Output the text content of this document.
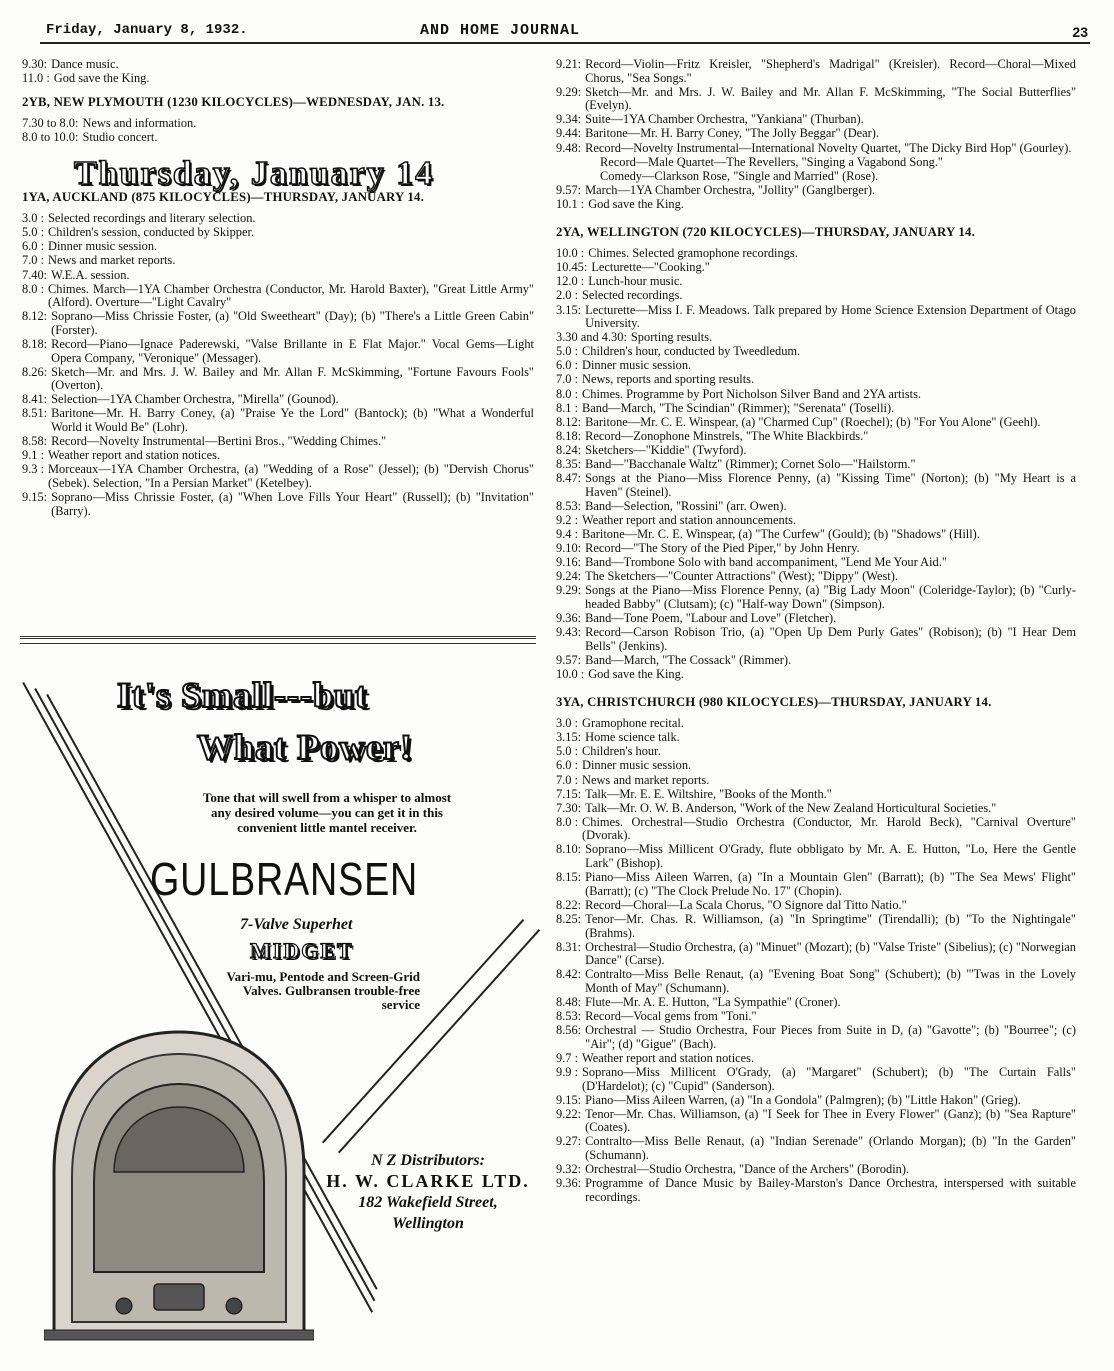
Friday, January 8, 1932.	AND HOME JOURNAL	23
9.30: Dance music.
11.0 : God save the King.
2YB, NEW PLYMOUTH (1230 KILOCYCLES)—WEDNESDAY, JAN. 13.
7.30 to 8.0: News and information.
8.0 to 10.0: Studio concert.
Thursday, January 14
1YA, AUCKLAND (875 KILOCYCLES)—THURSDAY, JANUARY 14.
3.0 : Selected recordings and literary selection.
5.0 : Children's session, conducted by Skipper.
6.0 : Dinner music session.
7.0 : News and market reports.
7.40: W.E.A. session.
8.0 : Chimes. March—1YA Chamber Orchestra (Conductor, Mr. Harold Baxter), "Great Little Army" (Alford). Overture—"Light Cavalry"
8.12: Soprano—Miss Chrissie Foster, (a) "Old Sweetheart" (Day); (b) "There's a Little Green Cabin" (Forster).
8.18: Record—Piano—Ignace Paderewski, "Valse Brillante in E Flat Major." Vocal Gems—Light Opera Company, "Veronique" (Messager).
8.26: Sketch—Mr. and Mrs. J. W. Bailey and Mr. Allan F. McSkimming, "Fortune Favours Fools" (Overton).
8.41: Selection—1YA Chamber Orchestra, "Mirella" (Gounod).
8.51: Baritone—Mr. H. Barry Coney, (a) "Praise Ye the Lord" (Bantock); (b) "What a Wonderful World it Would Be" (Lohr).
8.58: Record—Novelty Instrumental—Bertini Bros., "Wedding Chimes."
9.1 : Weather report and station notices.
9.3 : Morceaux—1YA Chamber Orchestra, (a) "Wedding of a Rose" (Jessel); (b) "Dervish Chorus" (Sebek). Selection, "In a Persian Market" (Ketelbey).
9.15: Soprano—Miss Chrissie Foster, (a) "When Love Fills Your Heart" (Russell); (b) "Invitation" (Barry).
It's Small---but
What Power!
Tone that will swell from a whisper to almost any desired volume—you can get it in this convenient little mantel receiver.
GULBRANSEN
7-Valve Superhet
MIDGET
Vari-mu, Pentode and Screen-Grid Valves. Gulbransen trouble-free service
N Z Distributors:
H. W. CLARKE LTD.
182 Wakefield Street,
Wellington
9.21: Record—Violin—Fritz Kreisler, "Shepherd's Madrigal" (Kreisler). Record—Choral—Mixed Chorus, "Sea Songs."
9.29: Sketch—Mr. and Mrs. J. W. Bailey and Mr. Allan F. McSkimming, "The Social Butterflies" (Evelyn).
9.34: Suite—1YA Chamber Orchestra, "Yankiana" (Thurban).
9.44: Baritone—Mr. H. Barry Coney, "The Jolly Beggar" (Dear).
9.48: Record—Novelty Instrumental—International Novelty Quartet, "The Dicky Bird Hop" (Gourley).
Record—Male Quartet—The Revellers, "Singing a Vagabond Song."
Comedy—Clarkson Rose, "Single and Married" (Rose).
9.57: March—1YA Chamber Orchestra, "Jollity" (Ganglberger).
10.1 : God save the King.
2YA, WELLINGTON (720 KILOCYCLES)—THURSDAY, JANUARY 14.
10.0 : Chimes. Selected gramophone recordings.
10.45: Lecturette—"Cooking."
12.0 : Lunch-hour music.
2.0 : Selected recordings.
3.15: Lecturette—Miss I. F. Meadows. Talk prepared by Home Science Extension Department of Otago University.
3.30 and 4.30: Sporting results.
5.0 : Children's hour, conducted by Tweedledum.
6.0 : Dinner music session.
7.0 : News, reports and sporting results.
8.0 : Chimes. Programme by Port Nicholson Silver Band and 2YA artists.
8.1 : Band—March, "The Scindian" (Rimmer); "Serenata" (Toselli).
8.12: Baritone—Mr. C. E. Winspear, (a) "Charmed Cup" (Roechel); (b) "For You Alone" (Geehl).
8.18: Record—Zonophone Minstrels, "The White Blackbirds."
8.24: Sketchers—"Kiddie" (Twyford).
8.35: Band—"Bacchanale Waltz" (Rimmer); Cornet Solo—"Hailstorm."
8.47: Songs at the Piano—Miss Florence Penny, (a) "Kissing Time" (Norton); (b) "My Heart is a Haven" (Steinel).
8.53: Band—Selection, "Rossini" (arr. Owen).
9.2 : Weather report and station announcements.
9.4 : Baritone—Mr. C. E. Winspear, (a) "The Curfew" (Gould); (b) "Shadows" (Hill).
9.10: Record—"The Story of the Pied Piper," by John Henry.
9.16: Band—Trombone Solo with band accompaniment, "Lend Me Your Aid."
9.24: The Sketchers—"Counter Attractions" (West); "Dippy" (West).
9.29: Songs at the Piano—Miss Florence Penny, (a) "Big Lady Moon" (Coleridge-Taylor); (b) "Curly-headed Babby" (Clutsam); (c) "Half-way Down" (Simpson).
9.36: Band—Tone Poem, "Labour and Love" (Fletcher).
9.43: Record—Carson Robison Trio, (a) "Open Up Dem Purly Gates" (Robison); (b) "I Hear Dem Bells" (Jenkins).
9.57: Band—March, "The Cossack" (Rimmer).
10.0 : God save the King.
3YA, CHRISTCHURCH (980 KILOCYCLES)—THURSDAY, JANUARY 14.
3.0 : Gramophone recital.
3.15: Home science talk.
5.0 : Children's hour.
6.0 : Dinner music session.
7.0 : News and market reports.
7.15: Talk—Mr. E. E. Wiltshire, "Books of the Month."
7.30: Talk—Mr. O. W. B. Anderson, "Work of the New Zealand Horticultural Societies."
8.0 : Chimes. Orchestral—Studio Orchestra (Conductor, Mr. Harold Beck), "Carnival Overture" (Dvorak).
8.10: Soprano—Miss Millicent O'Grady, flute obbligato by Mr. A. E. Hutton, "Lo, Here the Gentle Lark" (Bishop).
8.15: Piano—Miss Aileen Warren, (a) "In a Mountain Glen" (Barratt); (b) "The Sea Mews' Flight" (Barratt); (c) "The Clock Prelude No. 17" (Chopin).
8.22: Record—Choral—La Scala Chorus, "O Signore dal Titto Natio."
8.25: Tenor—Mr. Chas. R. Williamson, (a) "In Springtime" (Tirendalli); (b) "To the Nightingale" (Brahms).
8.31: Orchestral—Studio Orchestra, (a) "Minuet" (Mozart); (b) "Valse Triste" (Sibelius); (c) "Norwegian Dance" (Carse).
8.42: Contralto—Miss Belle Renaut, (a) "Evening Boat Song" (Schubert); (b) "'Twas in the Lovely Month of May" (Schumann).
8.48: Flute—Mr. A. E. Hutton, "La Sympathie" (Croner).
8.53: Record—Vocal gems from "Toni."
8.56: Orchestral — Studio Orchestra, Four Pieces from Suite in D, (a) "Gavotte"; (b) "Bourree"; (c) "Air"; (d) "Gigue" (Bach).
9.7 : Weather report and station notices.
9.9 : Soprano—Miss Millicent O'Grady, (a) "Margaret" (Schubert); (b) "The Curtain Falls" (D'Hardelot); (c) "Cupid" (Sanderson).
9.15: Piano—Miss Aileen Warren, (a) "In a Gondola" (Palmgren); (b) "Little Hakon" (Grieg).
9.22: Tenor—Mr. Chas. Williamson, (a) "I Seek for Thee in Every Flower" (Ganz); (b) "Sea Rapture" (Coates).
9.27: Contralto—Miss Belle Renaut, (a) "Indian Serenade" (Orlando Morgan); (b) "In the Garden" (Schumann).
9.32: Orchestral—Studio Orchestra, "Dance of the Archers" (Borodin).
9.36: Programme of Dance Music by Bailey-Marston's Dance Orchestra, interspersed with suitable recordings.
